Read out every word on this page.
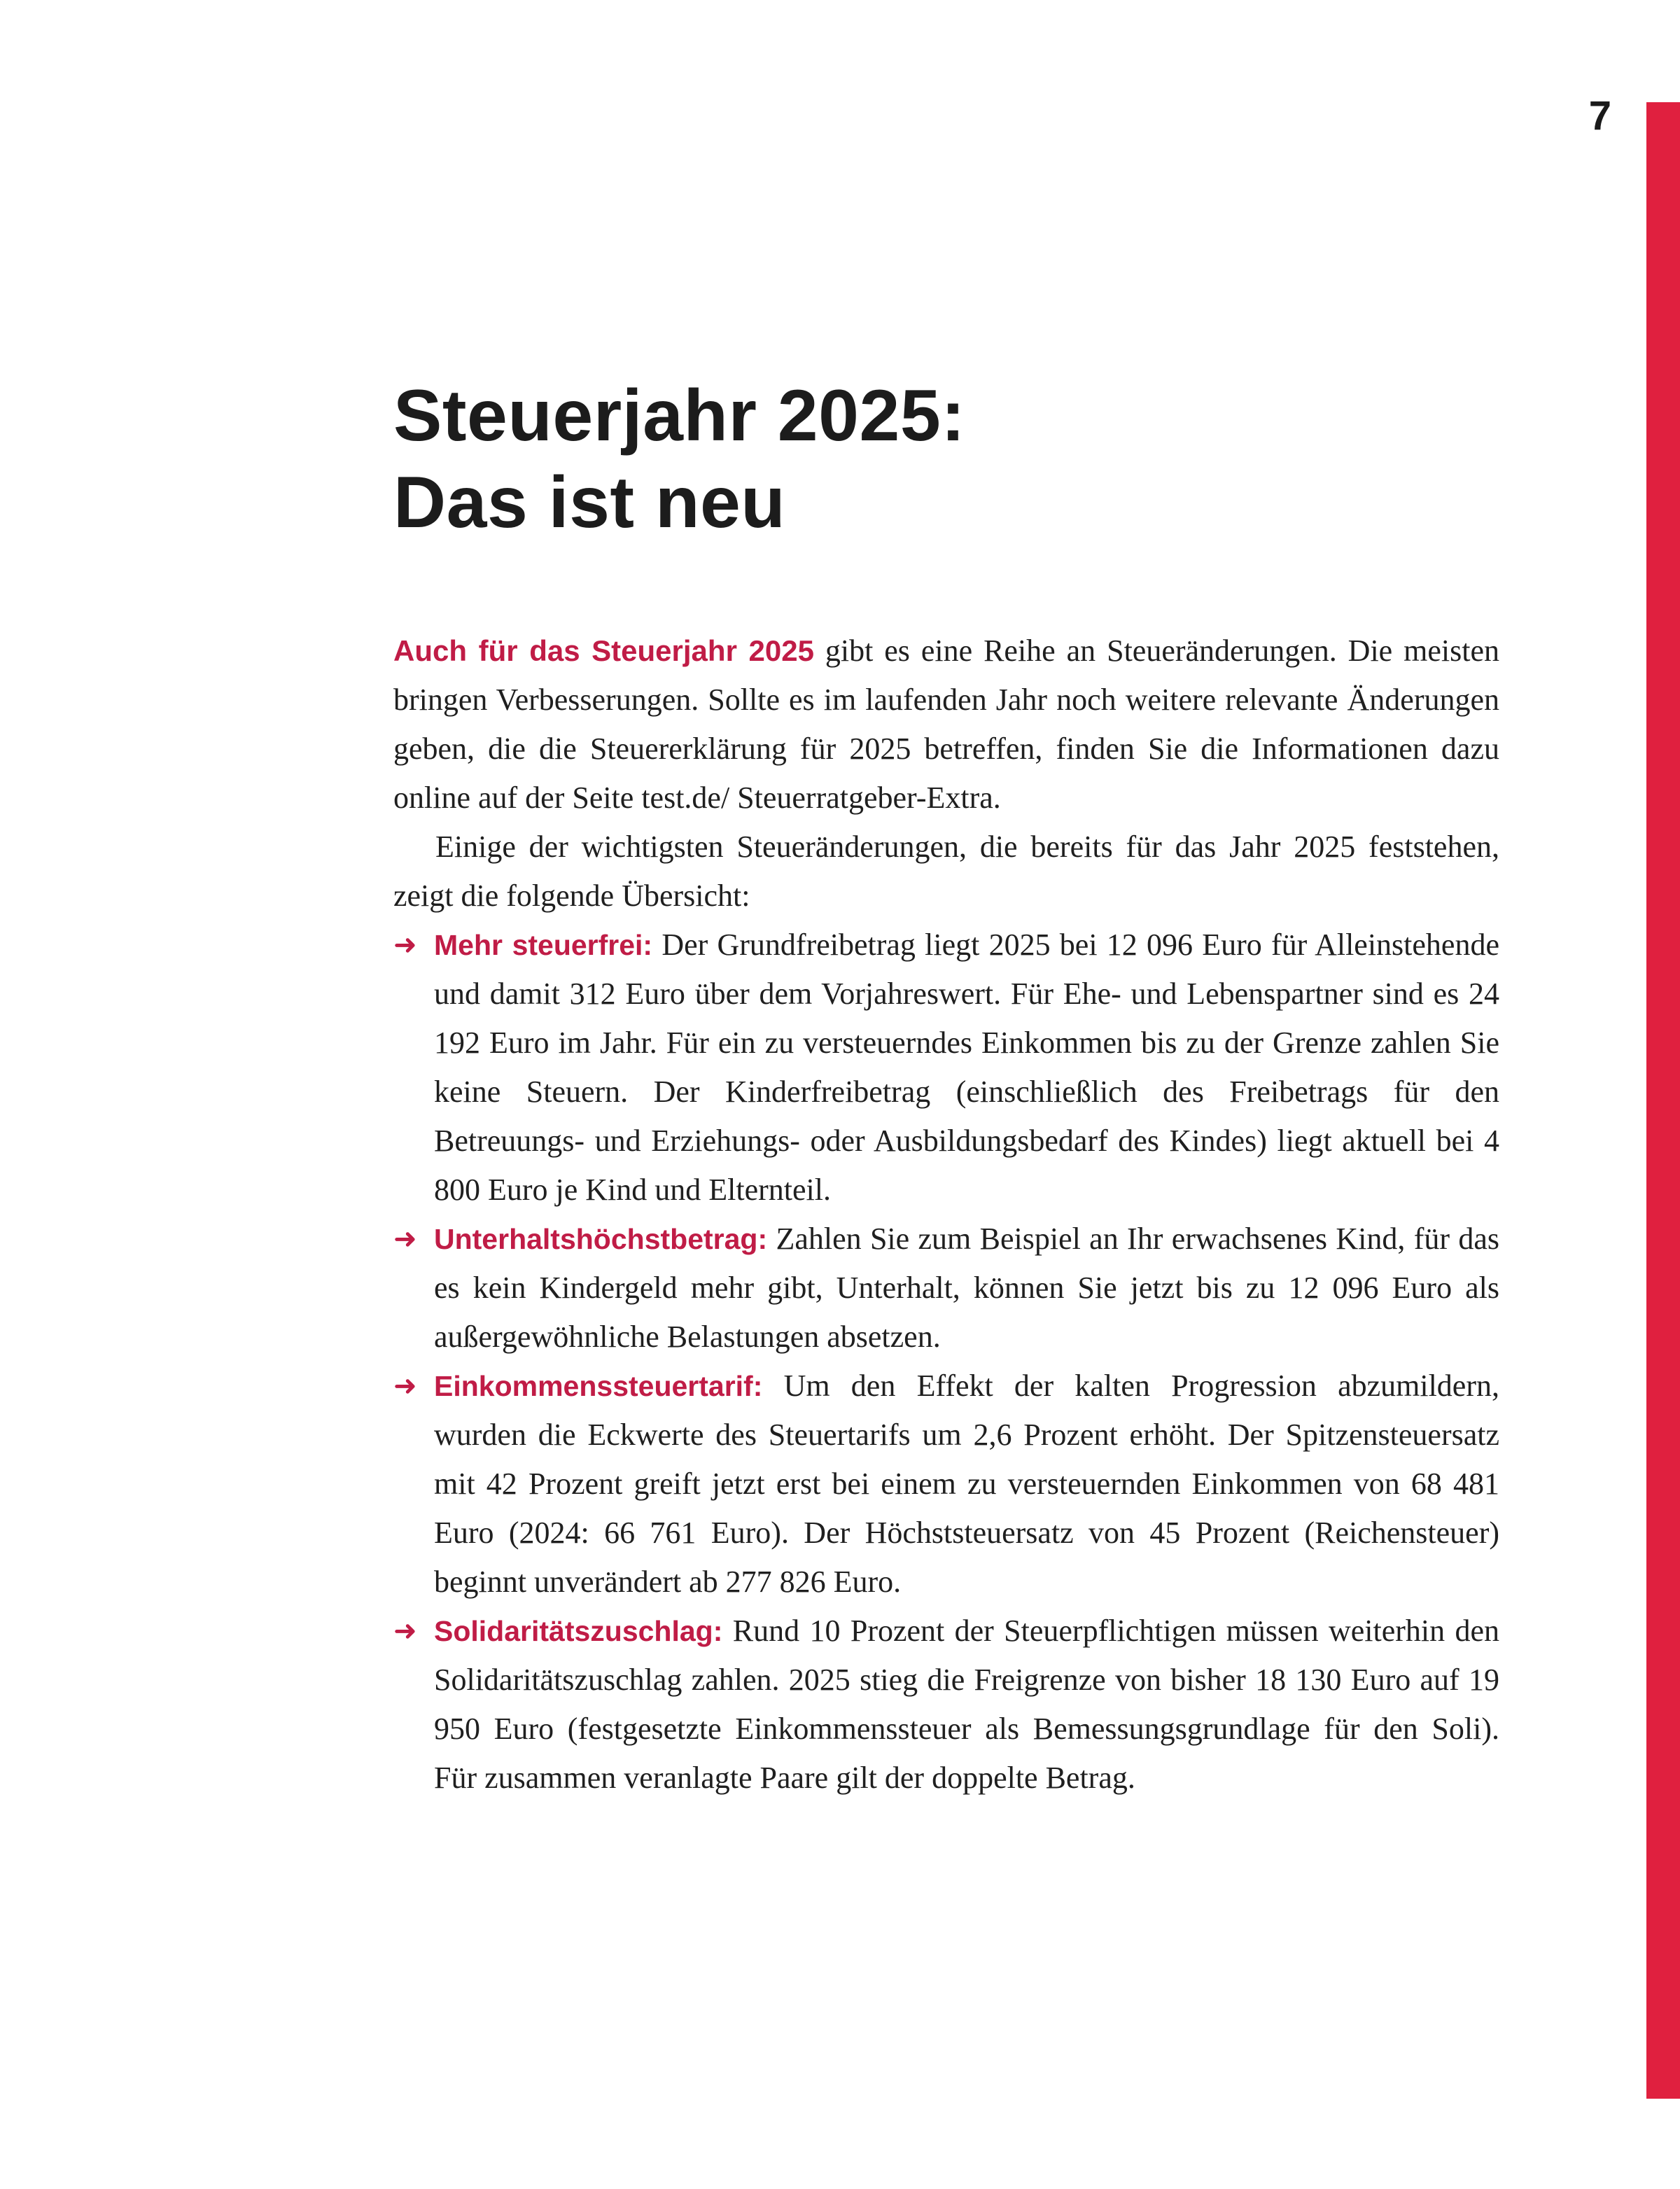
7
Steuerjahr 2025:
Das ist neu

Auch für das Steuerjahr 2025 gibt es eine Reihe an Steueränderungen. Die meisten bringen Verbesserungen. Sollte es im laufenden Jahr noch weitere relevante Änderungen geben, die die Steuererklärung für 2025 betreffen, finden Sie die Informationen dazu online auf der Seite test.de/ Steuerratgeber-Extra.

Einige der wichtigsten Steueränderungen, die bereits für das Jahr 2025 feststehen, zeigt die folgende Übersicht:

➜ Mehr steuerfrei: Der Grundfreibetrag liegt 2025 bei 12 096 Euro für Alleinstehende und damit 312 Euro über dem Vorjahreswert. Für Ehe- und Lebenspartner sind es 24 192 Euro im Jahr. Für ein zu versteuerndes Einkommen bis zu der Grenze zahlen Sie keine Steuern. Der Kinderfreibetrag (einschließlich des Freibetrags für den Betreuungs- und Erziehungs- oder Ausbildungsbedarf des Kindes) liegt aktuell bei 4 800 Euro je Kind und Elternteil.
➜ Unterhaltshöchstbetrag: Zahlen Sie zum Beispiel an Ihr erwachsenes Kind, für das es kein Kindergeld mehr gibt, Unterhalt, können Sie jetzt bis zu 12 096 Euro als außergewöhnliche Belastungen absetzen.
➜ Einkommenssteuertarif: Um den Effekt der kalten Progression abzumildern, wurden die Eckwerte des Steuertarifs um 2,6 Prozent erhöht. Der Spitzensteuersatz mit 42 Prozent greift jetzt erst bei einem zu versteuernden Einkommen von 68 481 Euro (2024: 66 761 Euro). Der Höchststeuersatz von 45 Prozent (Reichensteuer) beginnt unverändert ab 277 826 Euro.
➜ Solidaritätszuschlag: Rund 10 Prozent der Steuerpflichtigen müssen weiterhin den Solidaritätszuschlag zahlen. 2025 stieg die Freigrenze von bisher 18 130 Euro auf 19 950 Euro (festgesetzte Einkommenssteuer als Bemessungsgrundlage für den Soli). Für zusammen veranlagte Paare gilt der doppelte Betrag.
